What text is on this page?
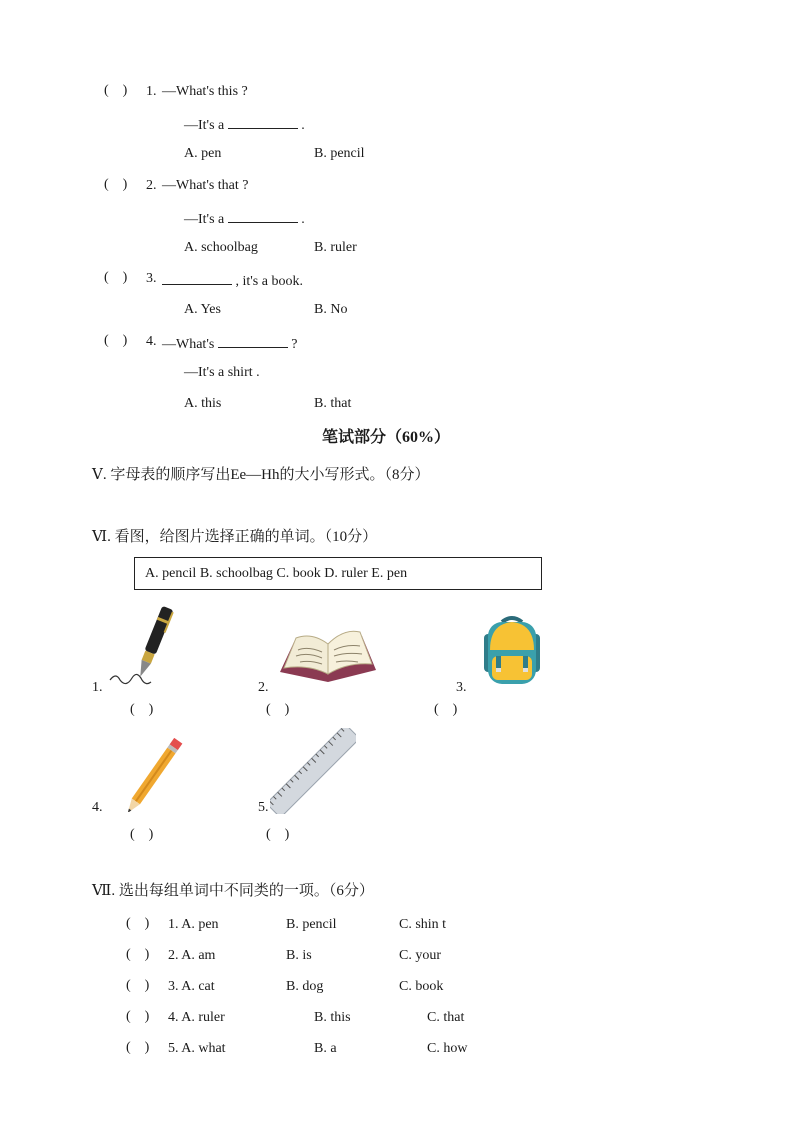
(　) 1. —What's this ?
—It's a	.
A. pen	B. pencil
(　) 2. —What's that ?
—It's a	.
A. schoolbag	B. ruler
(　) 3.	, it's a book.
A. Yes	B. No
(　) 4. —What's	?
—It's a shirt .
A. this	B. that
笔试部分（60%）
Ⅴ. 字母表的顺序写出Ee—Hh的大小写形式。（8分）
Ⅵ. 看图，给图片选择正确的单词。（10分）
A. pencil B. schoolbag C. book D. ruler E. pen
1.
(　)
2.
(　)
3.
(　)
4.
(　)
5.
(　)
Ⅶ. 选出每组单词中不同类的一项。（6分）
(　) 1. A. pen	B. pencil	C. shin t
(　) 2. A. am	B. is	C. your
(　) 3. A. cat	B. dog	C. book
(　) 4. A. ruler	B. this	C. that
(　) 5. A. what	B. a	C. how
